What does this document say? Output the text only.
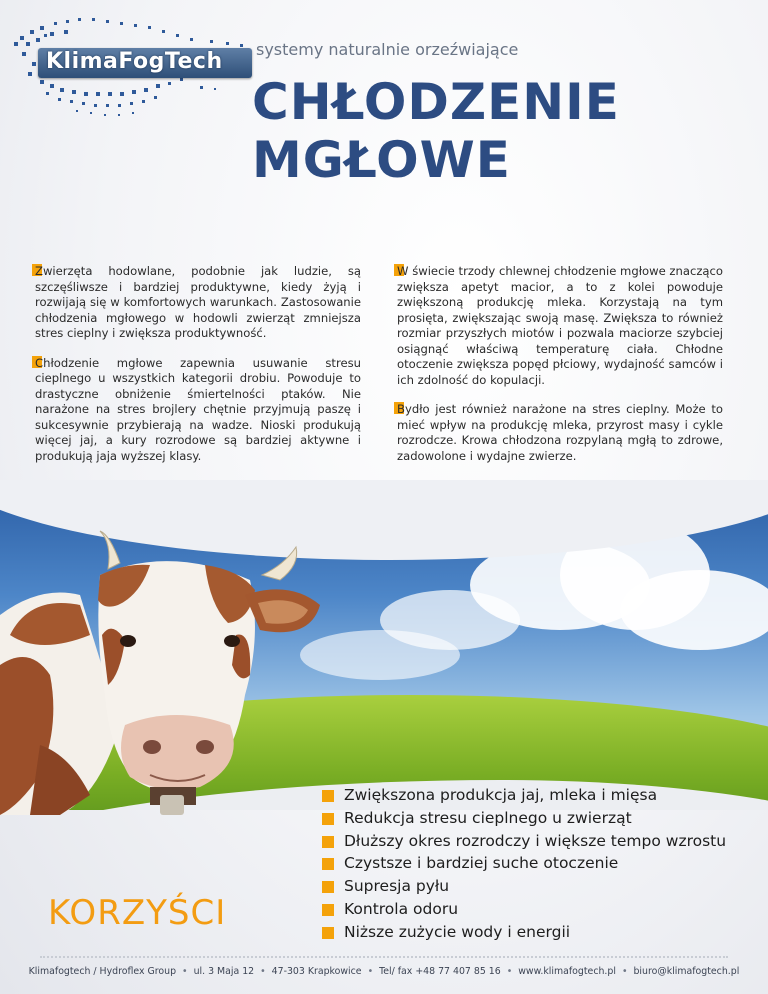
KlimaFogTech systemy naturalnie orzeźwiające
CHŁODZENIE
MGŁOWE

Zwierzęta hodowlane, podobnie jak ludzie, są szczęśliwsze i bardziej produktywne, kiedy żyją i rozwijają się w komfortowych warunkach. Zastosowanie chłodzenia mgłowego w hodowli zwierząt zmniejsza stres cieplny i zwiększa produktywność.

Chłodzenie mgłowe zapewnia usuwanie stresu cieplnego u wszystkich kategorii drobiu. Powoduje to drastyczne obniżenie śmiertelności ptaków. Nie narażone na stres brojlery chętnie przyjmują paszę i sukcesywnie przybierają na wadze. Nioski produkują więcej jaj, a kury rozrodowe są bardziej aktywne i produkują jaja wyższej klasy.

W świecie trzody chlewnej chłodzenie mgłowe znacząco zwiększa apetyt macior, a to z kolei powoduje zwiększoną produkcję mleka. Korzystają na tym prosięta, zwiększając swoją masę. Zwiększa to również rozmiar przyszłych miotów i pozwala maciorze szybciej osiągnąć właściwą temperaturę ciała. Chłodne otoczenie zwiększa popęd płciowy, wydajność samców i ich zdolność do kopulacji.

Bydło jest również narażone na stres cieplny. Może to mieć wpływ na produkcję mleka, przyrost masy i cykle rozrodcze. Krowa chłodzona rozpylaną mgłą to zdrowe, zadowolone i wydajne zwierze.

Zwiększona produkcja jaj, mleka i mięsa
Redukcja stresu cieplnego u zwierząt
Dłuższy okres rozrodczy i większe tempo wzrostu
Czystsze i bardziej suche otoczenie
Supresja pyłu
Kontrola odoru
Niższe zużycie wody i energii
KORZYŚCI
Klimafogtech / Hydroflex Group • ul. 3 Maja 12 • 47-303 Krapkowice • Tel/ fax +48 77 407 85 16 • www.klimafogtech.pl • biuro@klimafogtech.pl
